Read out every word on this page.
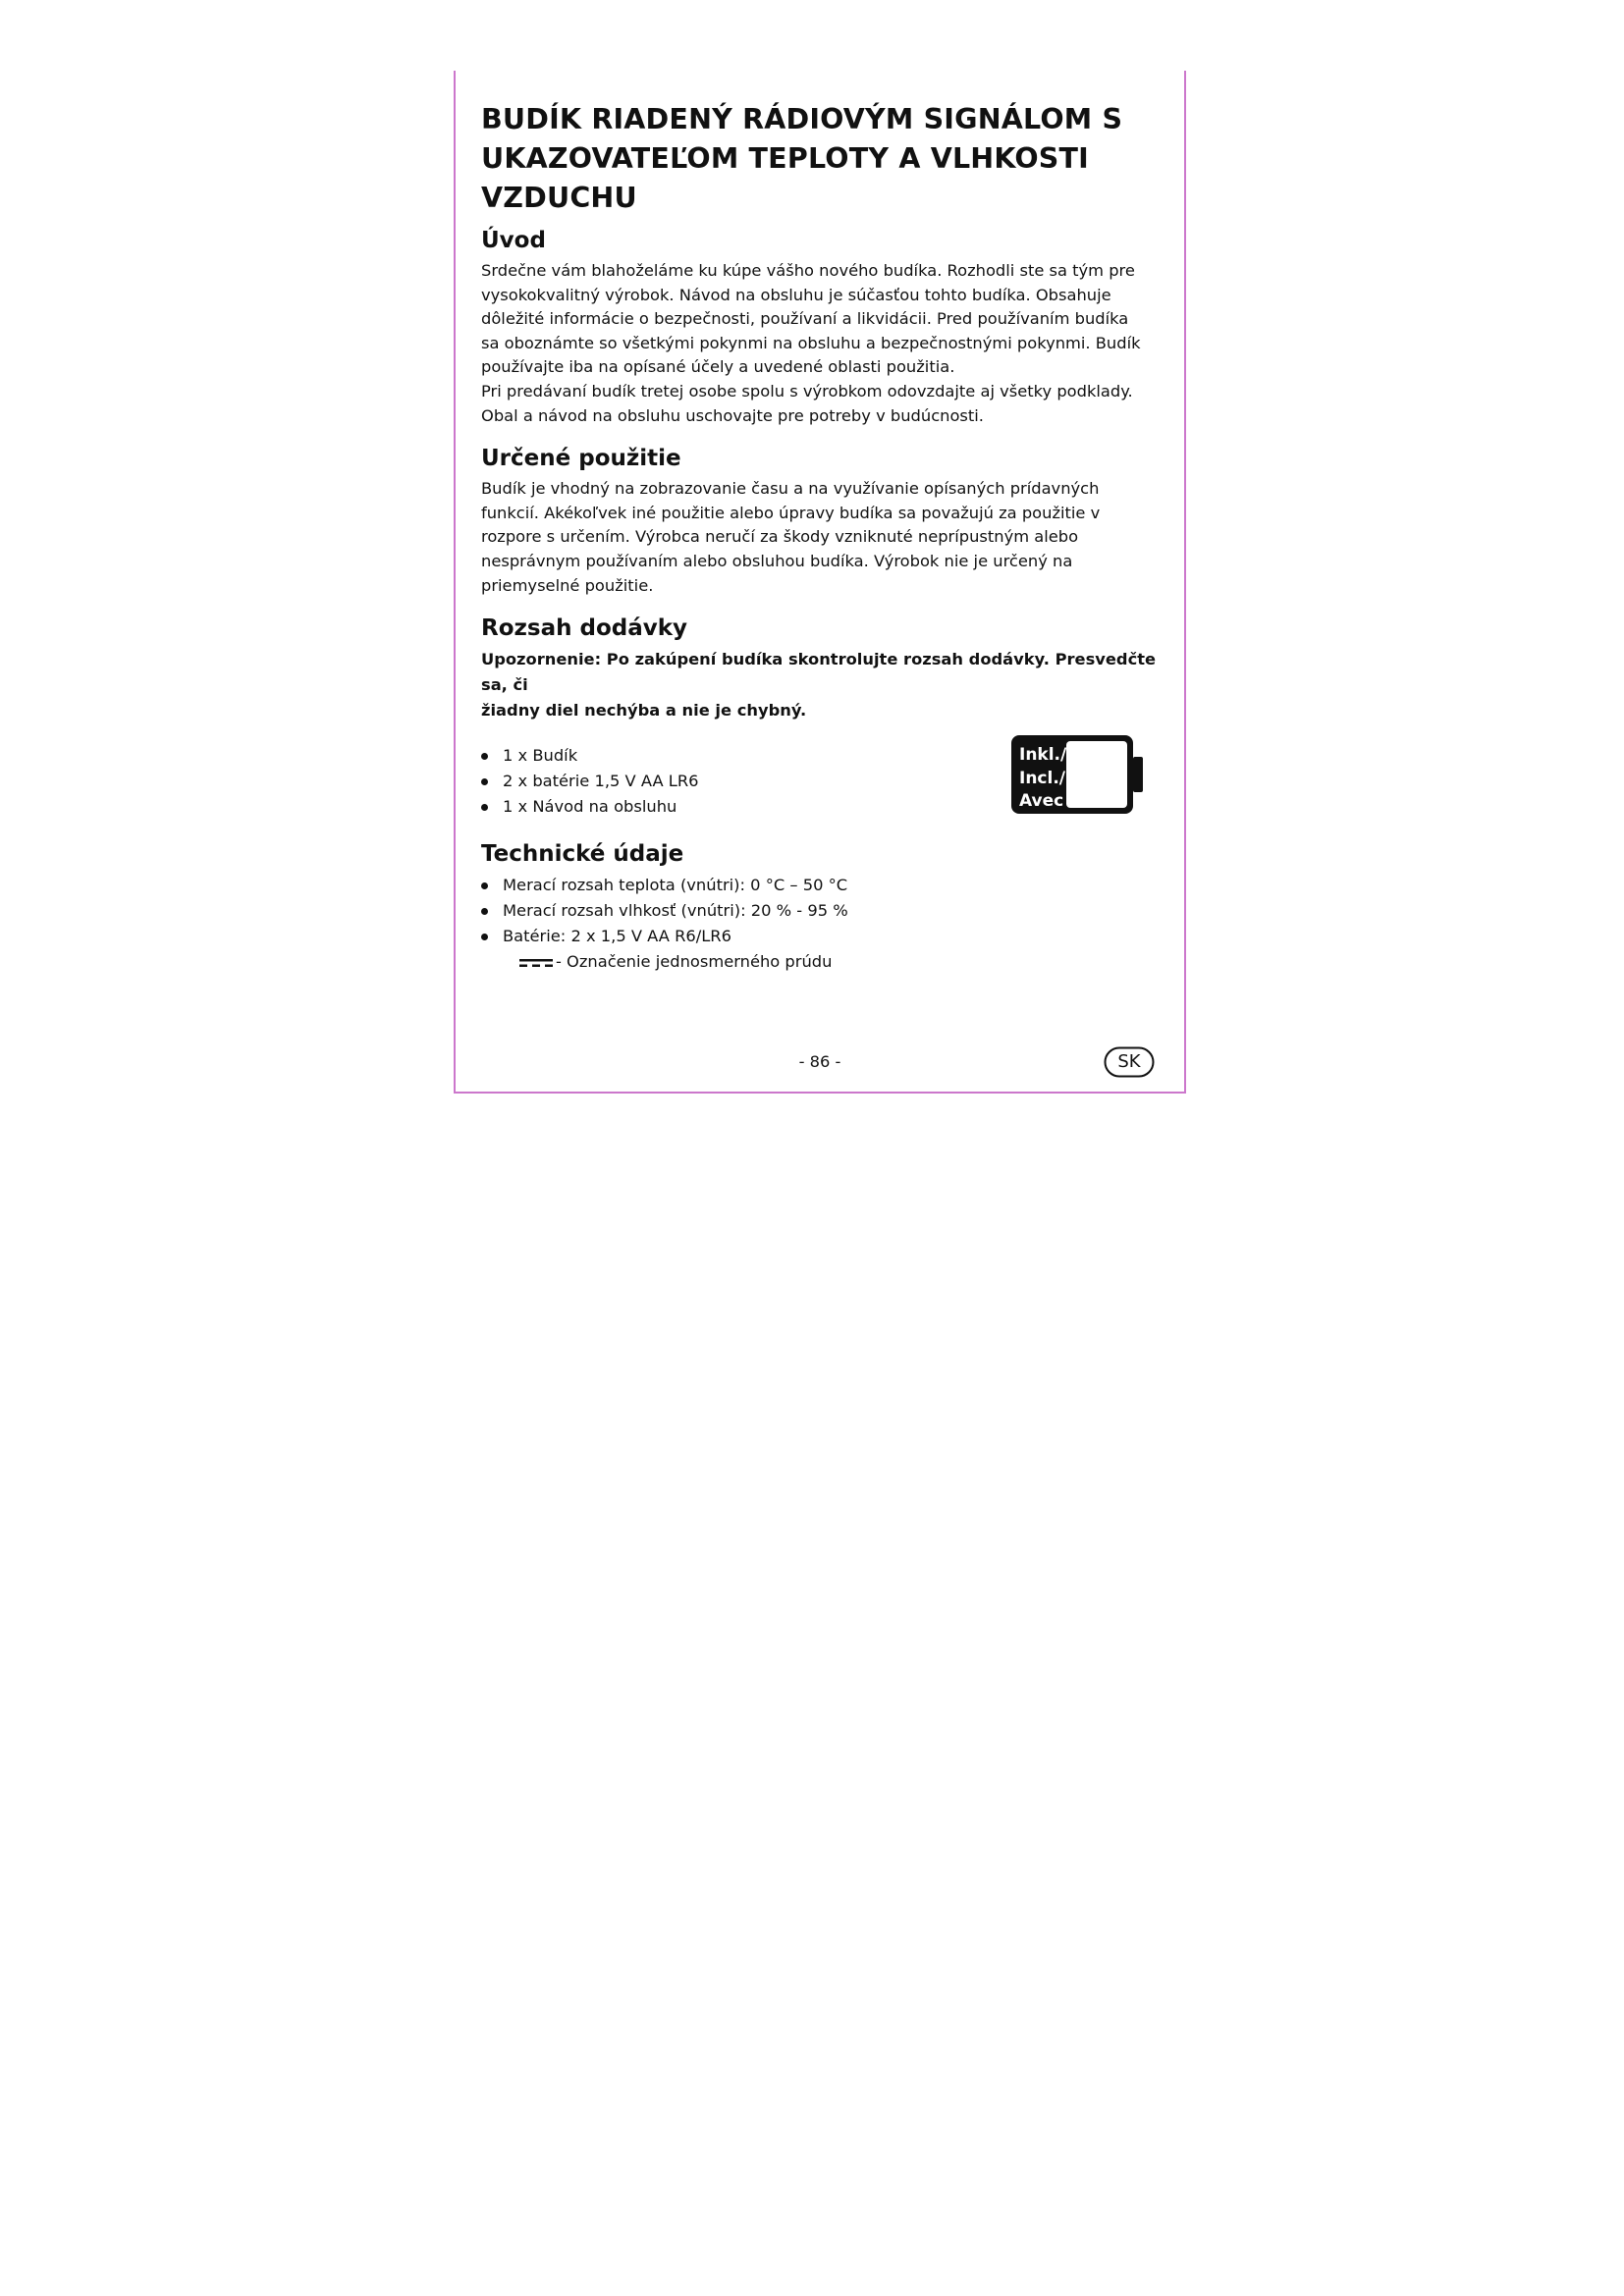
BUDÍK RIADENÝ RÁDIOVÝM SIGNÁLOM S
UKAZOVATEĽOM TEPLOTY A VLHKOSTI
VZDUCHU
Úvod

Srdečne vám blahoželáme ku kúpe vášho nového budíka. Rozhodli ste sa tým pre
vysokokvalitný výrobok. Návod na obsluhu je súčasťou tohto budíka. Obsahuje
dôležité informácie o bezpečnosti, používaní a likvidácii. Pred používaním budíka
sa oboznámte so všetkými pokynmi na obsluhu a bezpečnostnými pokynmi. Budík
používajte iba na opísané účely a uvedené oblasti použitia.
Pri predávaní budík tretej osobe spolu s výrobkom odovzdajte aj všetky podklady.
Obal a návod na obsluhu uschovajte pre potreby v budúcnosti.

Určené použitie

Budík je vhodný na zobrazovanie času a na využívanie opísaných prídavných
funkcií. Akékoľvek iné použitie alebo úpravy budíka sa považujú za použitie v
rozpore s určením. Výrobca neručí za škody vzniknuté neprípustným alebo
nesprávnym používaním alebo obsluhou budíka. Výrobok nie je určený na
priemyselné použitie.

Rozsah dodávky

Upozornenie: Po zakúpení budíka skontrolujte rozsah dodávky. Presvedčte sa, či
žiadny diel nechýba a nie je chybný.

1 x Budík
2 x batérie 1,5 V AA LR6
1 x Návod na obsluhu
Inkl./
Incl./
Avec
Technické údaje
Merací rozsah teplota (vnútri): 0 °C – 50 °C
Merací rozsah vlhkosť (vnútri): 20 % - 95 %
Batérie: 2 x 1,5 V AA R6/LR6
- Označenie jednosmerného prúdu
- 86 -	SK
